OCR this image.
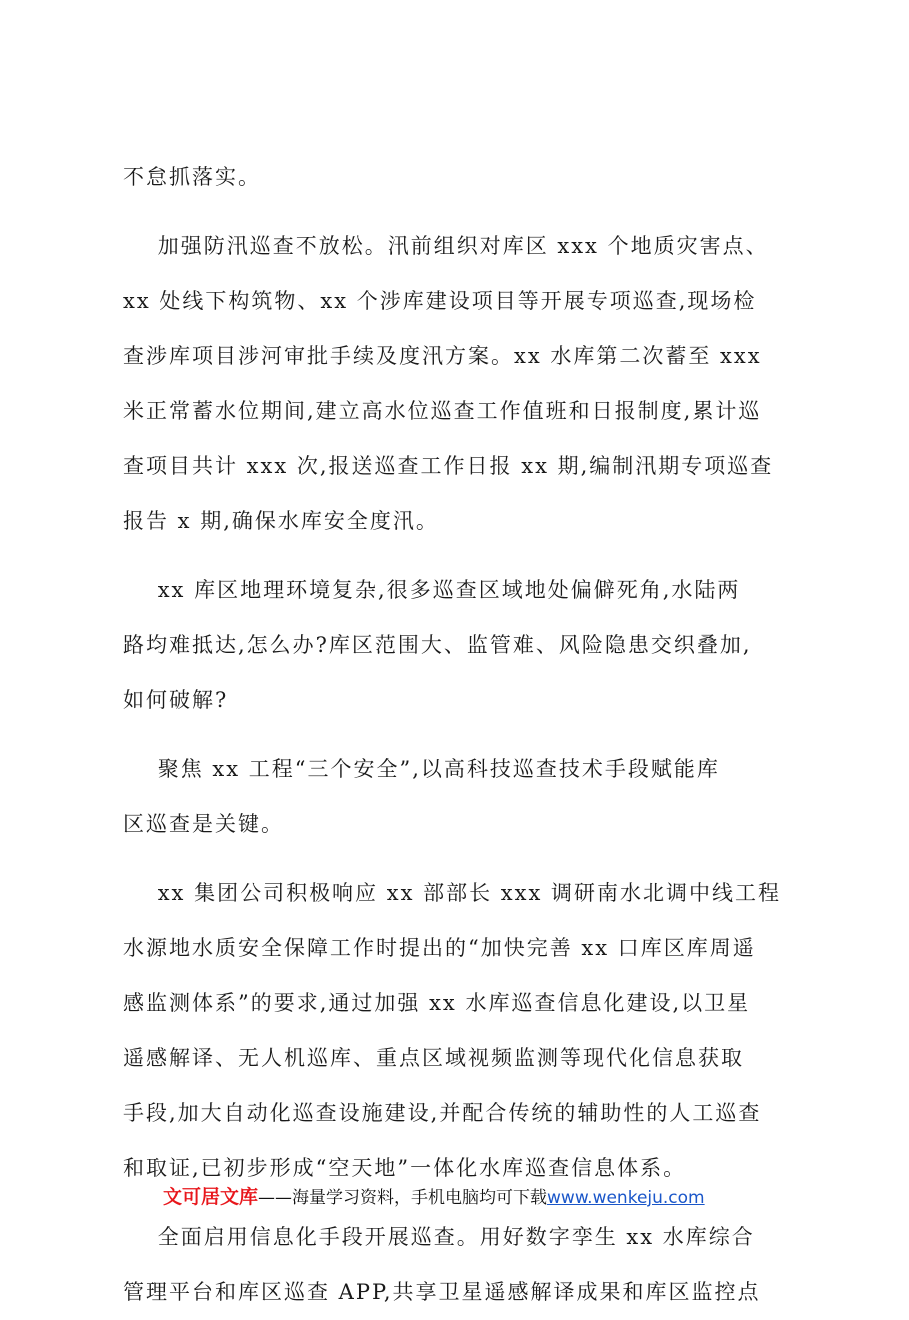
不怠抓落实。
加强防汛巡查不放松。汛前组织对库区 xxx 个地质灾害点、
xx 处线下构筑物、xx 个涉库建设项目等开展专项巡查,现场检
查涉库项目涉河审批手续及度汛方案。xx 水库第二次蓄至 xxx
米正常蓄水位期间,建立高水位巡查工作值班和日报制度,累计巡
查项目共计 xxx 次,报送巡查工作日报 xx 期,编制汛期专项巡查
报告 x 期,确保水库安全度汛。
xx 库区地理环境复杂,很多巡查区域地处偏僻死角,水陆两
路均难抵达,怎么办?库区范围大、监管难、风险隐患交织叠加,
如何破解?
聚焦 xx 工程“三个安全”,以高科技巡查技术手段赋能库
区巡查是关键。
xx 集团公司积极响应 xx 部部长 xxx 调研南水北调中线工程
水源地水质安全保障工作时提出的“加快完善 xx 口库区库周遥
感监测体系”的要求,通过加强 xx 水库巡查信息化建设,以卫星
遥感解译、无人机巡库、重点区域视频监测等现代化信息获取
手段,加大自动化巡查设施建设,并配合传统的辅助性的人工巡查
和取证,已初步形成“空天地”一体化水库巡查信息体系。
全面启用信息化手段开展巡查。用好数字孪生 xx 水库综合
管理平台和库区巡查 APP,共享卫星遥感解译成果和库区监控点
文可居文库——海量学习资料，手机电脑均可下载www.wenkeju.com
